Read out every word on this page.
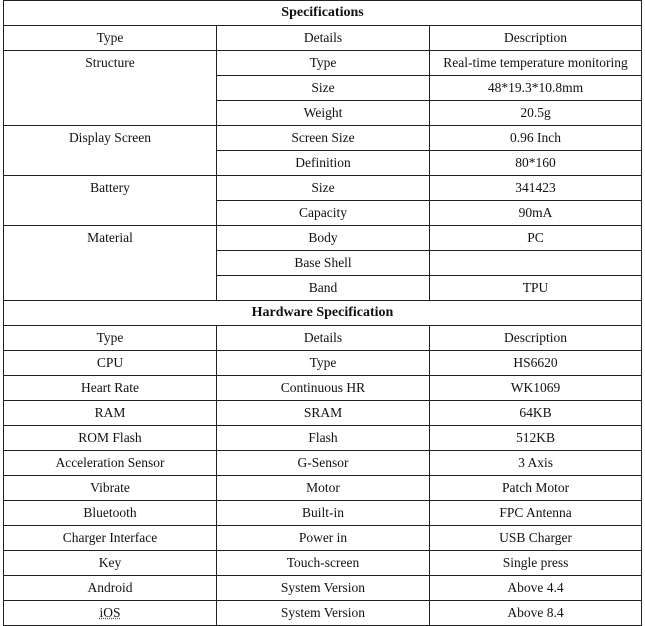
Specifications		
Type	Details	Description
Structure	Type	Real-time temperature monitoring
	Size	48*19.3*10.8mm
	Weight	20.5g
Display Screen	Screen Size	0.96 Inch
	Definition	80*160
Battery	Size	341423
	Capacity	90mA
Material	Body	PC
	Base Shell	
	Band	TPU
Hardware Specification		
Type	Details	Description
CPU	Type	HS6620
Heart Rate	Continuous HR	WK1069
RAM	SRAM	64KB
ROM Flash	Flash	512KB
Acceleration Sensor	G-Sensor	3 Axis
Vibrate	Motor	Patch Motor
Bluetooth	Built-in	FPC Antenna
Charger Interface	Power in	USB Charger
Key	Touch-screen	Single press
Android	System Version	Above 4.4
iOS	System Version	Above 8.4
